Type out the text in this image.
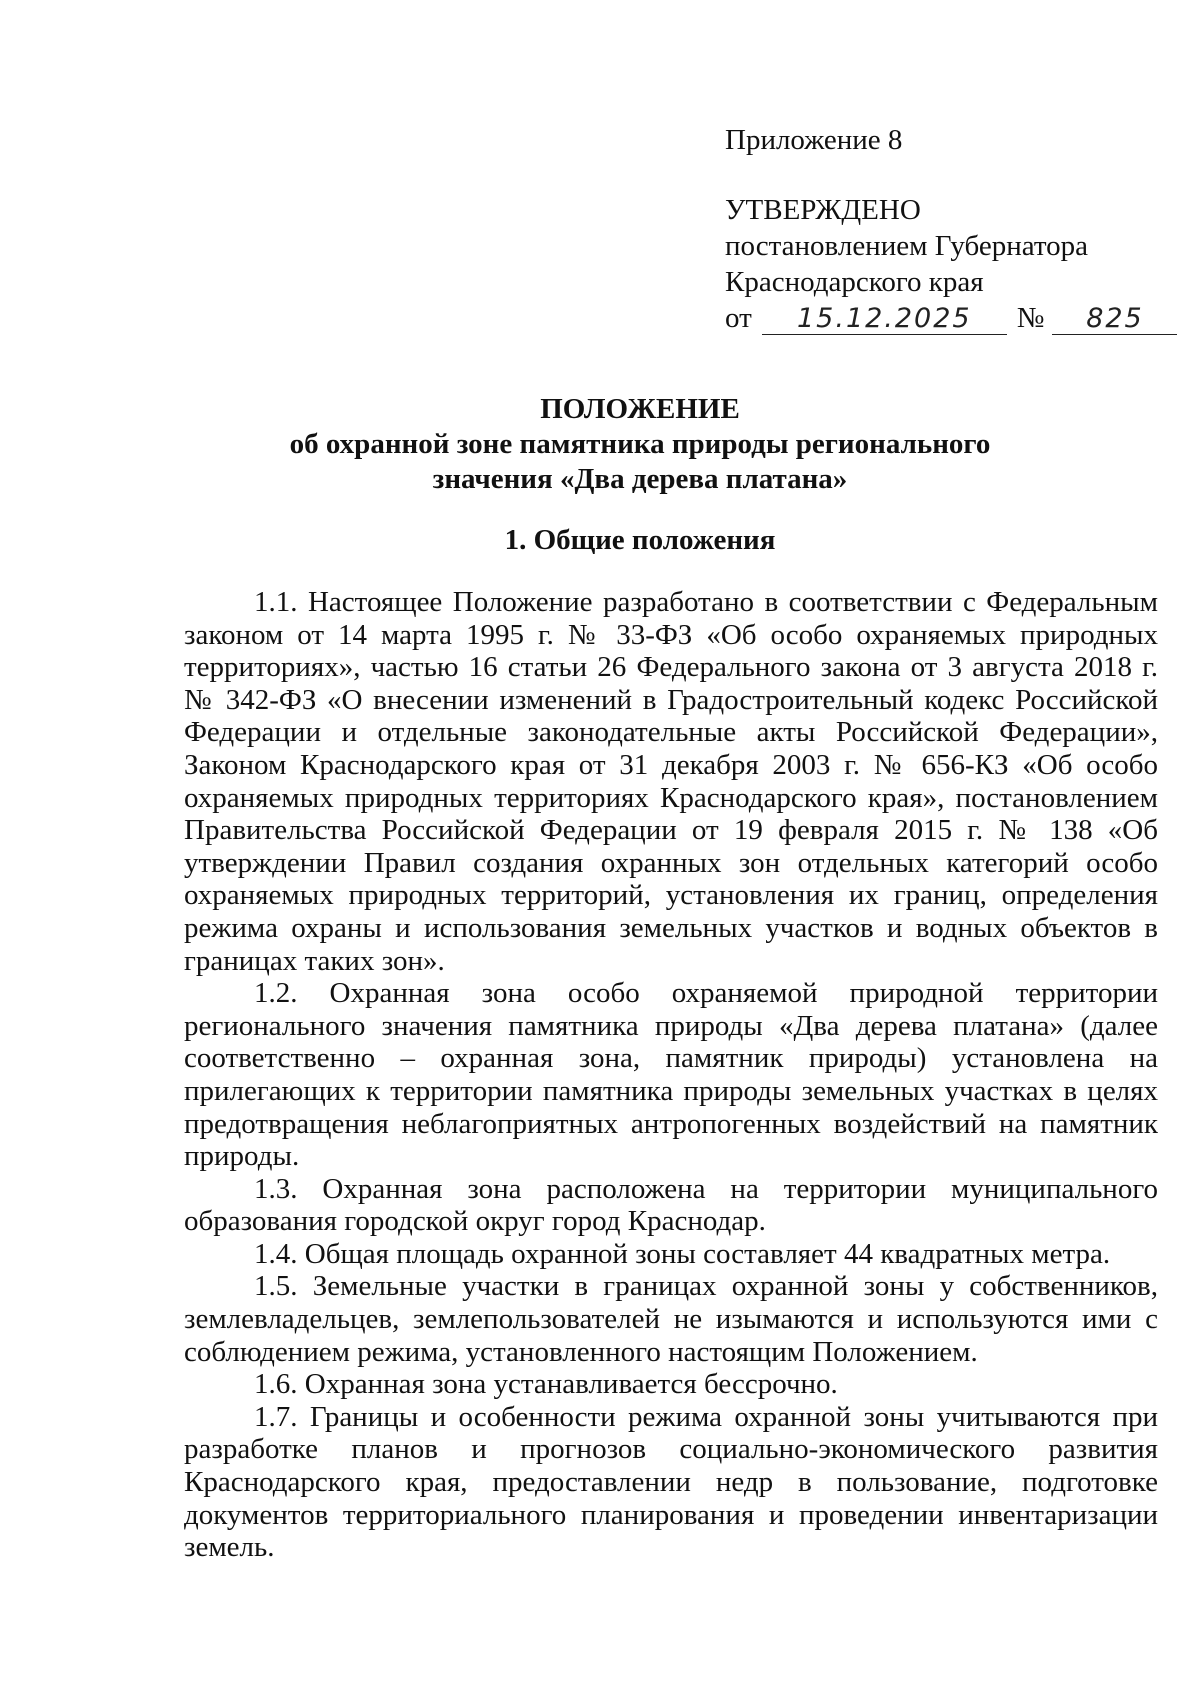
Приложение 8
УТВЕРЖДЕНО
постановлением Губернатора
Краснодарского края
от 15.12.2025 № 825
ПОЛОЖЕНИЕ
об охранной зоне памятника природы регионального
значения «Два дерева платана»
1. Общие положения

1.1. Настоящее Положение разработано в соответствии с Федеральным законом от 14 марта 1995 г. № 33-ФЗ «Об особо охраняемых природных территориях», частью 16 статьи 26 Федерального закона от 3 августа 2018 г. № 342-ФЗ «О внесении изменений в Градостроительный кодекс Российской Федерации и отдельные законодательные акты Российской Федерации», Законом Краснодарского края от 31 декабря 2003 г. № 656-КЗ «Об особо охраняемых природных территориях Краснодарского края», постановлением Правительства Российской Федерации от 19 февраля 2015 г. № 138 «Об утверждении Правил создания охранных зон отдельных категорий особо охраняемых природных территорий, установления их границ, определения режима охраны и использования земельных участков и водных объектов в границах таких зон».

1.2. Охранная зона особо охраняемой природной территории регионального значения памятника природы «Два дерева платана» (далее соответственно – охранная зона, памятник природы) установлена на прилегающих к территории памятника природы земельных участках в целях предотвращения неблагоприятных антропогенных воздействий на памятник природы.

1.3. Охранная зона расположена на территории муниципального образования городской округ город Краснодар.

1.4. Общая площадь охранной зоны составляет 44 квадратных метра.

1.5. Земельные участки в границах охранной зоны у собственников, землевладельцев, землепользователей не изымаются и используются ими с соблюдением режима, установленного настоящим Положением.

1.6. Охранная зона устанавливается бессрочно.

1.7. Границы и особенности режима охранной зоны учитываются при разработке планов и прогнозов социально-экономического развития Краснодарского края, предоставлении недр в пользование, подготовке документов территориального планирования и проведении инвентаризации земель.
